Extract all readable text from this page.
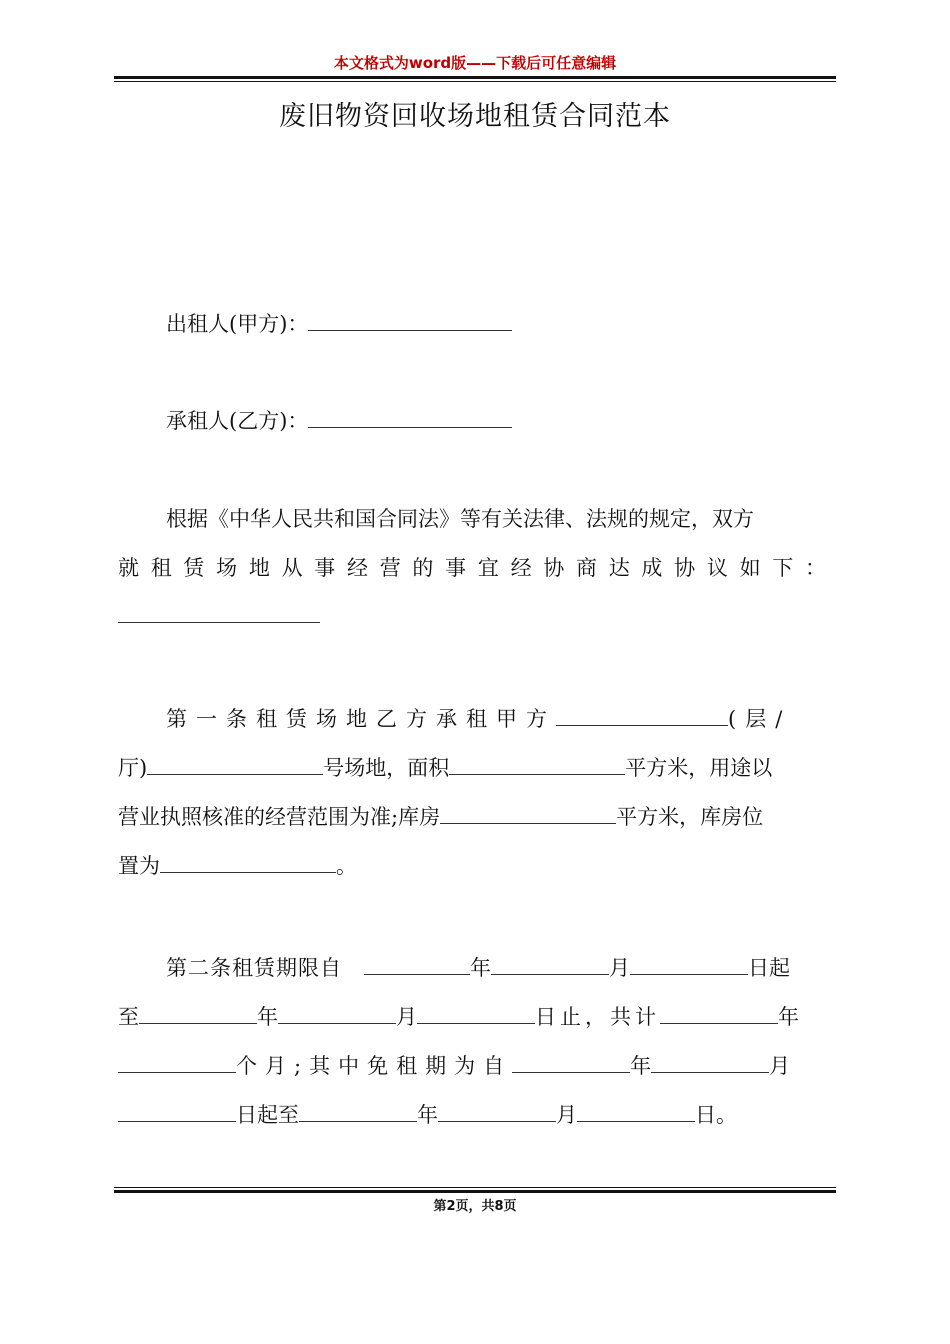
本文格式为word版——下载后可任意编辑
废旧物资回收场地租赁合同范本
出租人(甲方)：
承租人(乙方)：
根据《中华人民共和国合同法》等有关法律、法规的规定，双方
就租赁场地从事经营的事宜经协商达成协议如下：
第一条租赁场地乙方承租甲方	(层/
厅)	号场地，面积	平方米，用途以
营业执照核准的经营范围为准;库房	平方米，库房位
置为	。
第二条租赁期限自	年	月	日起
至	年	月	日止，共计	年
个月;其中免租期为自	年	月
日起至	年	月	日。
第2页，共8页
